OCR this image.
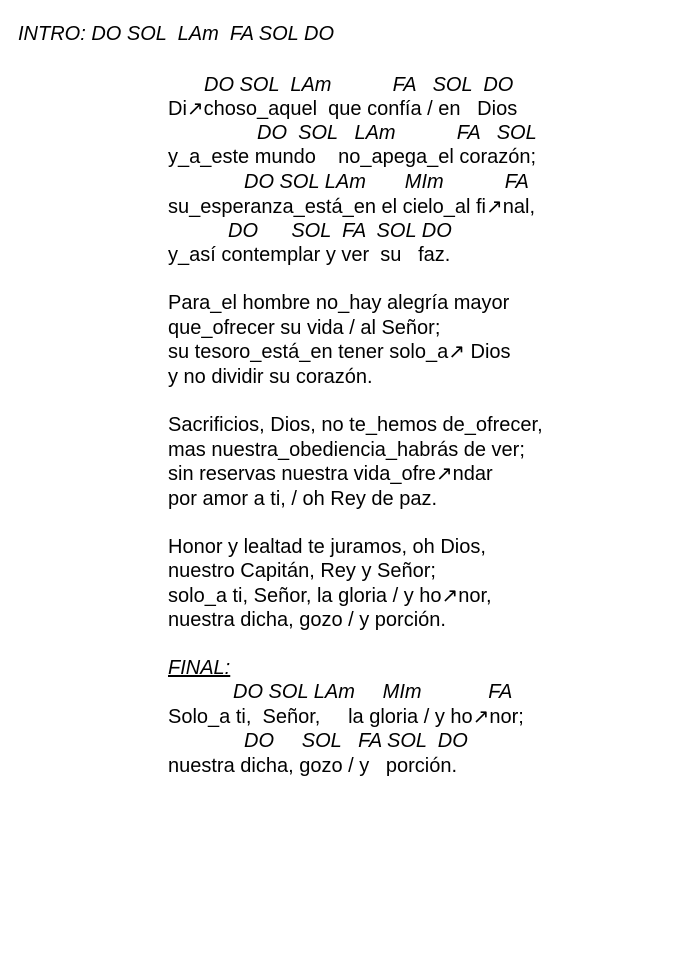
INTRO: DO SOL  LAm  FA SOL DO

DO SOL  LAm           FA   SOL  DO

Di↗choso_aquel  que confía / en   Dios

DO  SOL   LAm           FA   SOL

y_a_este mundo    no_apega_el corazón;

DO SOL LAm       MIm           FA

su_esperanza_está_en el cielo_al fi↗nal,

DO      SOL  FA  SOL DO

y_así contemplar y ver  su   faz.

Para_el hombre no_hay alegría mayor

que_ofrecer su vida / al Señor;

su tesoro_está_en tener solo_a↗ Dios

y no dividir su corazón.

Sacrificios, Dios, no te_hemos de_ofrecer,

mas nuestra_obediencia_habrás de ver;

sin reservas nuestra vida_ofre↗ndar

por amor a ti, / oh Rey de paz.

Honor y lealtad te juramos, oh Dios,

nuestro Capitán, Rey y Señor;

solo_a ti, Señor, la gloria / y ho↗nor,

nuestra dicha, gozo / y porción.

FINAL:

DO SOL LAm     MIm            FA

Solo_a ti,  Señor,     la gloria / y ho↗nor;

DO     SOL   FA SOL  DO

nuestra dicha, gozo / y   porción.
